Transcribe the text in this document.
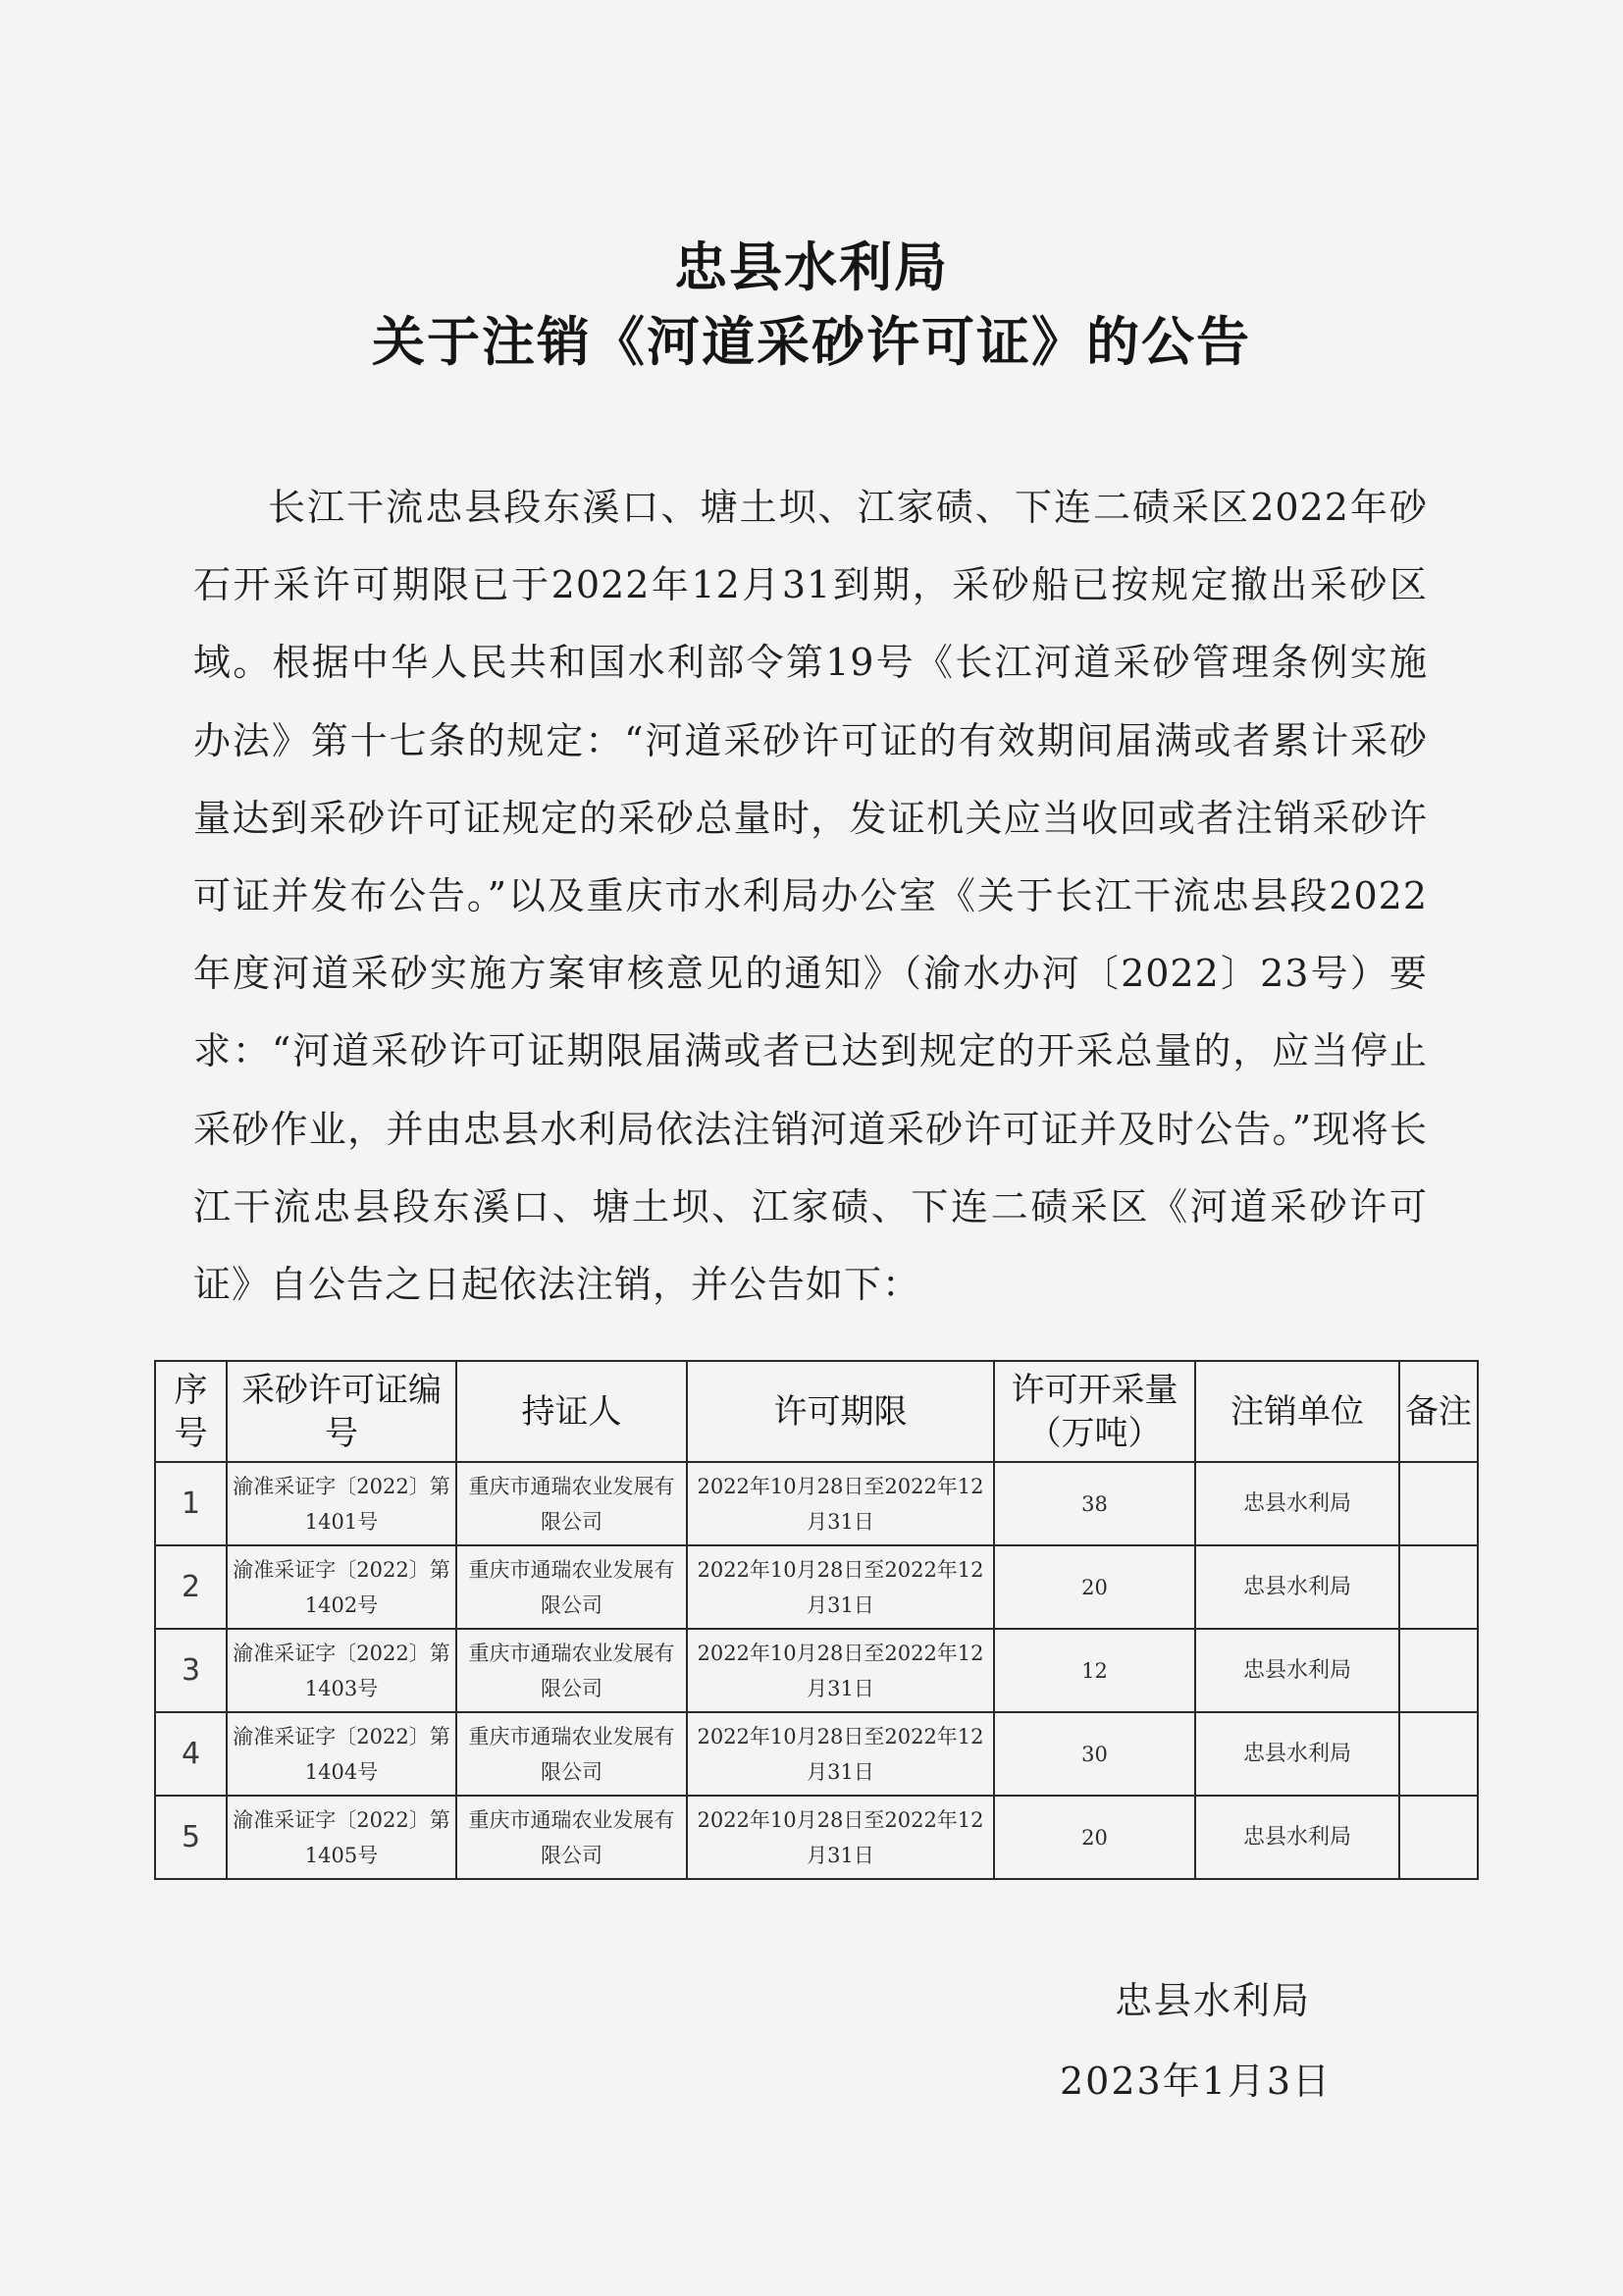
忠县水利局
关于注销《河道采砂许可证》的公告
长江干流忠县段东溪口、塘土坝、江家碛、下连二碛采区2022年砂石开采许可期限已于2022年12月31到期，采砂船已按规定撤出采砂区域。根据中华人民共和国水利部令第19号《长江河道采砂管理条例实施办法》第十七条的规定：“河道采砂许可证的有效期间届满或者累计采砂量达到采砂许可证规定的采砂总量时，发证机关应当收回或者注销采砂许可证并发布公告。”以及重庆市水利局办公室《关于长江干流忠县段2022年度河道采砂实施方案审核意见的通知》（渝水办河〔2022〕23号）要求：“河道采砂许可证期限届满或者已达到规定的开采总量的，应当停止采砂作业，并由忠县水利局依法注销河道采砂许可证并及时公告。”现将长江干流忠县段东溪口、塘土坝、江家碛、下连二碛采区《河道采砂许可证》自公告之日起依法注销，并公告如下：
序号	采砂许可证编号	持证人	许可期限	许可开采量（万吨）	注销单位	备注
1	渝准采证字〔2022〕第1401号	重庆市通瑞农业发展有限公司	2022年10月28日至2022年12月31日	38	忠县水利局	
2	渝准采证字〔2022〕第1402号	重庆市通瑞农业发展有限公司	2022年10月28日至2022年12月31日	20	忠县水利局	
3	渝准采证字〔2022〕第1403号	重庆市通瑞农业发展有限公司	2022年10月28日至2022年12月31日	12	忠县水利局	
4	渝准采证字〔2022〕第1404号	重庆市通瑞农业发展有限公司	2022年10月28日至2022年12月31日	30	忠县水利局	
5	渝准采证字〔2022〕第1405号	重庆市通瑞农业发展有限公司	2022年10月28日至2022年12月31日	20	忠县水利局	
忠县水利局
2023年1月3日
